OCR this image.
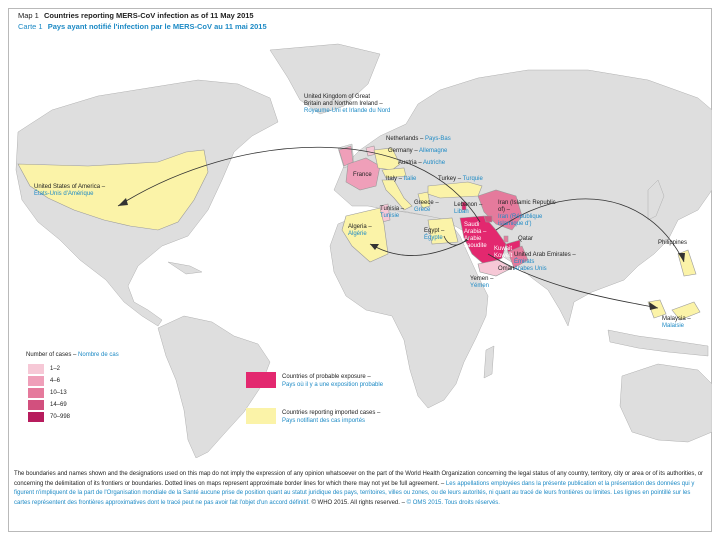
Map 1 Countries reporting MERS-CoV infection as of 11 May 2015
Carte 1 Pays ayant notifié l'infection par le MERS-CoV au 11 mai 2015
United Kingdom of Great
Britain and Northern Ireland –
Royaume-Uni et Irlande du Nord
Netherlands – Pays-Bas
Germany – Allemagne
Austria – Autriche
France
Italy – Italie	Turkey – Turquie
Greece –
Grèce
Tunisia –
Tunisie
Lebanon –
Liban
Iran (Islamic Republic
of) –
Iran (République
islamique d')
Egypt –
Égypte
Algeria –
Algérie
Saudi
Arabia –
Arabie
saoudite Kuwait
Koweït
Qatar
United Arab Emirates –
Émirats
Arabes Unis
Oman
Yemen –
Yémen
Philippines
Malaysia –
Malaisie
United States of America –
États-Unis d'Amérique
Number of cases – Nombre de cas
1–2
4–6
10–13
14–69
70–998
Countries of probable exposure –
Pays où il y a une exposition probable
Countries reporting imported cases –
Pays notifiant des cas importés
The boundaries and names shown and the designations used on this map do not imply the expression of any opinion whatsoever on the part of the World Health Organization concerning the legal status of any country, territory, city or area or of its authorities, or concerning the delimitation of its frontiers or boundaries. Dotted lines on maps represent approximate border lines for which there may not yet be full agreement. – Les appellations employées dans la présente publication et la présentation des données qui y figurent n'impliquent de la part de l'Organisation mondiale de la Santé aucune prise de position quant au statut juridique des pays, territoires, villes ou zones, ou de leurs autorités, ni quant au tracé de leurs frontières ou limites. Les lignes en pointillé sur les cartes représentent des frontières approximatives dont le tracé peut ne pas avoir fait l'objet d'un accord définitif. © WHO 2015. All rights reserved. – © OMS 2015. Tous droits réservés.
